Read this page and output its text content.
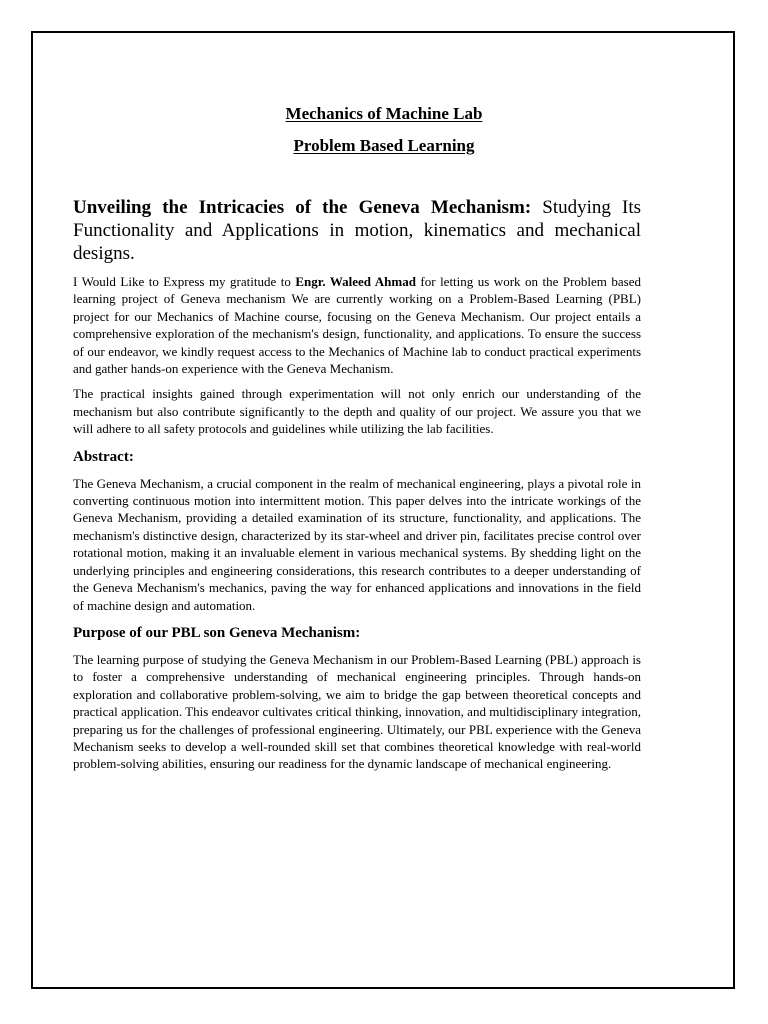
Mechanics of Machine Lab
Problem Based Learning

Unveiling the Intricacies of the Geneva Mechanism: Studying Its Functionality and Applications in motion, kinematics and mechanical designs.

I Would Like to Express my gratitude to Engr. Waleed Ahmad for letting us work on the Problem based learning project of Geneva mechanism We are currently working on a Problem-Based Learning (PBL) project for our Mechanics of Machine course, focusing on the Geneva Mechanism. Our project entails a comprehensive exploration of the mechanism's design, functionality, and applications. To ensure the success of our endeavor, we kindly request access to the Mechanics of Machine lab to conduct practical experiments and gather hands-on experience with the Geneva Mechanism.

The practical insights gained through experimentation will not only enrich our understanding of the mechanism but also contribute significantly to the depth and quality of our project. We assure you that we will adhere to all safety protocols and guidelines while utilizing the lab facilities.

Abstract:

The Geneva Mechanism, a crucial component in the realm of mechanical engineering, plays a pivotal role in converting continuous motion into intermittent motion. This paper delves into the intricate workings of the Geneva Mechanism, providing a detailed examination of its structure, functionality, and applications. The mechanism's distinctive design, characterized by its star-wheel and driver pin, facilitates precise control over rotational motion, making it an invaluable element in various mechanical systems. By shedding light on the underlying principles and engineering considerations, this research contributes to a deeper understanding of the Geneva Mechanism's mechanics, paving the way for enhanced applications and innovations in the field of machine design and automation.

Purpose of our PBL son Geneva Mechanism:

The learning purpose of studying the Geneva Mechanism in our Problem-Based Learning (PBL) approach is to foster a comprehensive understanding of mechanical engineering principles. Through hands-on exploration and collaborative problem-solving, we aim to bridge the gap between theoretical concepts and practical application. This endeavor cultivates critical thinking, innovation, and multidisciplinary integration, preparing us for the challenges of professional engineering. Ultimately, our PBL experience with the Geneva Mechanism seeks to develop a well-rounded skill set that combines theoretical knowledge with real-world problem-solving abilities, ensuring our readiness for the dynamic landscape of mechanical engineering.
